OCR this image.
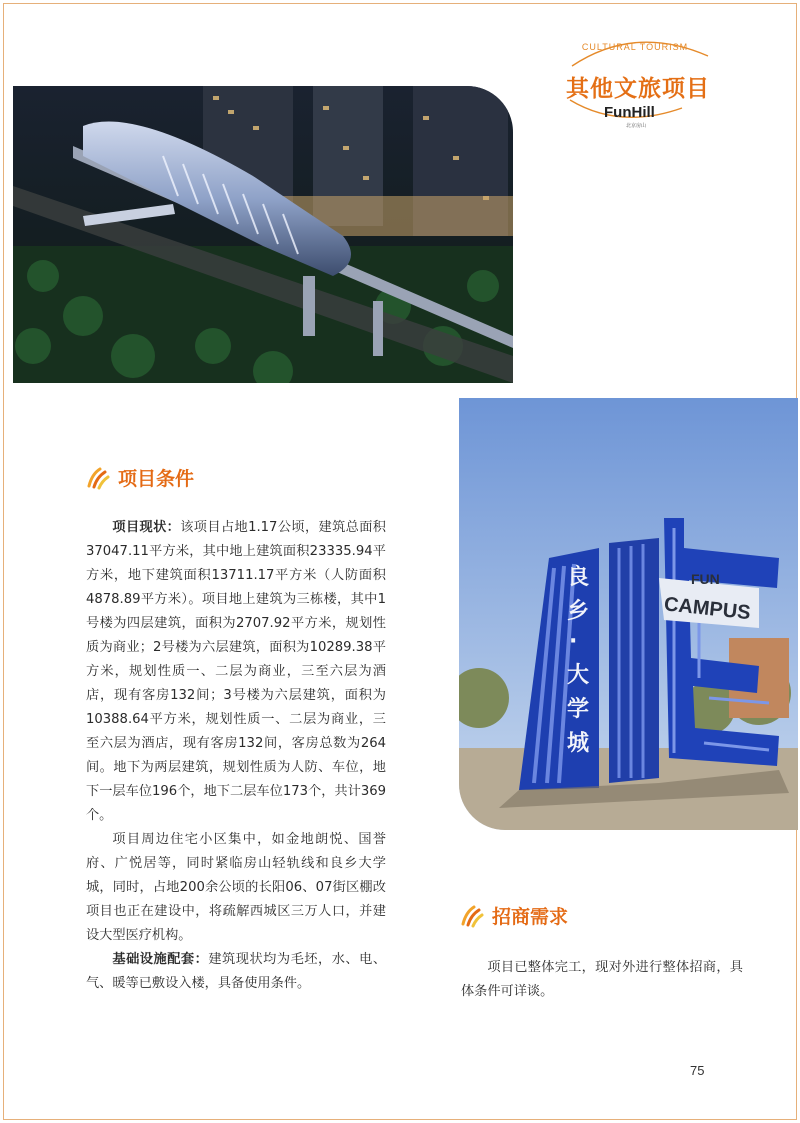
CULTURAL TOURISM
其他文旅项目
FunHill
北京房山
良乡·大学城
CAMPUS
FUN
项目条件

项目现状：该项目占地1.17公顷，建筑总面积37047.11平方米，其中地上建筑面积23335.94平方米，地下建筑面积13711.17平方米（人防面积4878.89平方米）。项目地上建筑为三栋楼，其中1号楼为四层建筑，面积为2707.92平方米，规划性质为商业；2号楼为六层建筑，面积为10289.38平方米，规划性质一、二层为商业，三至六层为酒店，现有客房132间；3号楼为六层建筑，面积为10388.64平方米，规划性质一、二层为商业，三至六层为酒店，现有客房132间，客房总数为264间。地下为两层建筑，规划性质为人防、车位，地下一层车位196个，地下二层车位173个，共计369个。

项目周边住宅小区集中，如金地朗悦、国誉府、广悦居等，同时紧临房山轻轨线和良乡大学城，同时，占地200余公顷的长阳06、07街区棚改项目也正在建设中，将疏解西城区三万人口，并建设大型医疗机构。

基础设施配套：建筑现状均为毛坯，水、电、气、暖等已敷设入楼，具备使用条件。

招商需求

项目已整体完工，现对外进行整体招商，具体条件可详谈。

75
